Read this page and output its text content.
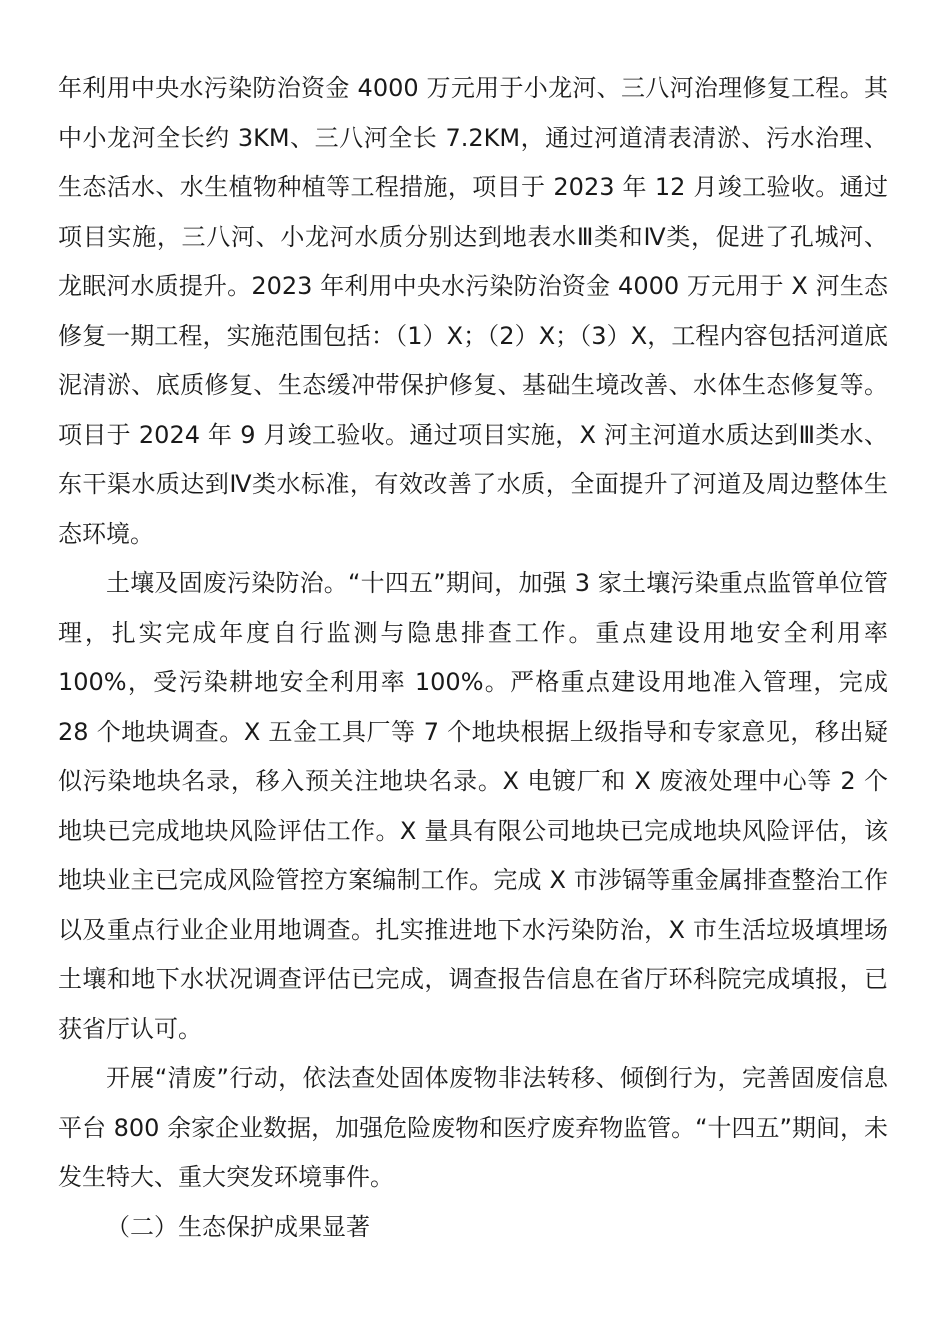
年利用中央水污染防治资金 4000 万元用于小龙河、三八河治理修复工程。其中小龙河全长约 3KM、三八河全长 7.2KM，通过河道清表清淤、污水治理、生态活水、水生植物种植等工程措施，项目于 2023 年 12 月竣工验收。通过项目实施，三八河、小龙河水质分别达到地表水Ⅲ类和Ⅳ类，促进了孔城河、龙眠河水质提升。2023 年利用中央水污染防治资金 4000 万元用于 X 河生态修复一期工程，实施范围包括：（1）X；（2）X；（3）X，工程内容包括河道底泥清淤、底质修复、生态缓冲带保护修复、基础生境改善、水体生态修复等。项目于 2024 年 9 月竣工验收。通过项目实施，X 河主河道水质达到Ⅲ类水、东干渠水质达到Ⅳ类水标准，有效改善了水质，全面提升了河道及周边整体生态环境。

土壤及固废污染防治。“十四五”期间，加强 3 家土壤污染重点监管单位管理，扎实完成年度自行监测与隐患排查工作。重点建设用地安全利用率 100%，受污染耕地安全利用率 100%。严格重点建设用地准入管理，完成 28 个地块调查。X 五金工具厂等 7 个地块根据上级指导和专家意见，移出疑似污染地块名录，移入预关注地块名录。X 电镀厂和 X 废液处理中心等 2 个地块已完成地块风险评估工作。X 量具有限公司地块已完成地块风险评估，该地块业主已完成风险管控方案编制工作。完成 X 市涉镉等重金属排查整治工作以及重点行业企业用地调查。扎实推进地下水污染防治，X 市生活垃圾填埋场土壤和地下水状况调查评估已完成，调查报告信息在省厅环科院完成填报，已获省厅认可。

开展“清废”行动，依法查处固体废物非法转移、倾倒行为，完善固废信息平台 800 余家企业数据，加强危险废物和医疗废弃物监管。“十四五”期间，未发生特大、重大突发环境事件。

（二）生态保护成果显著
